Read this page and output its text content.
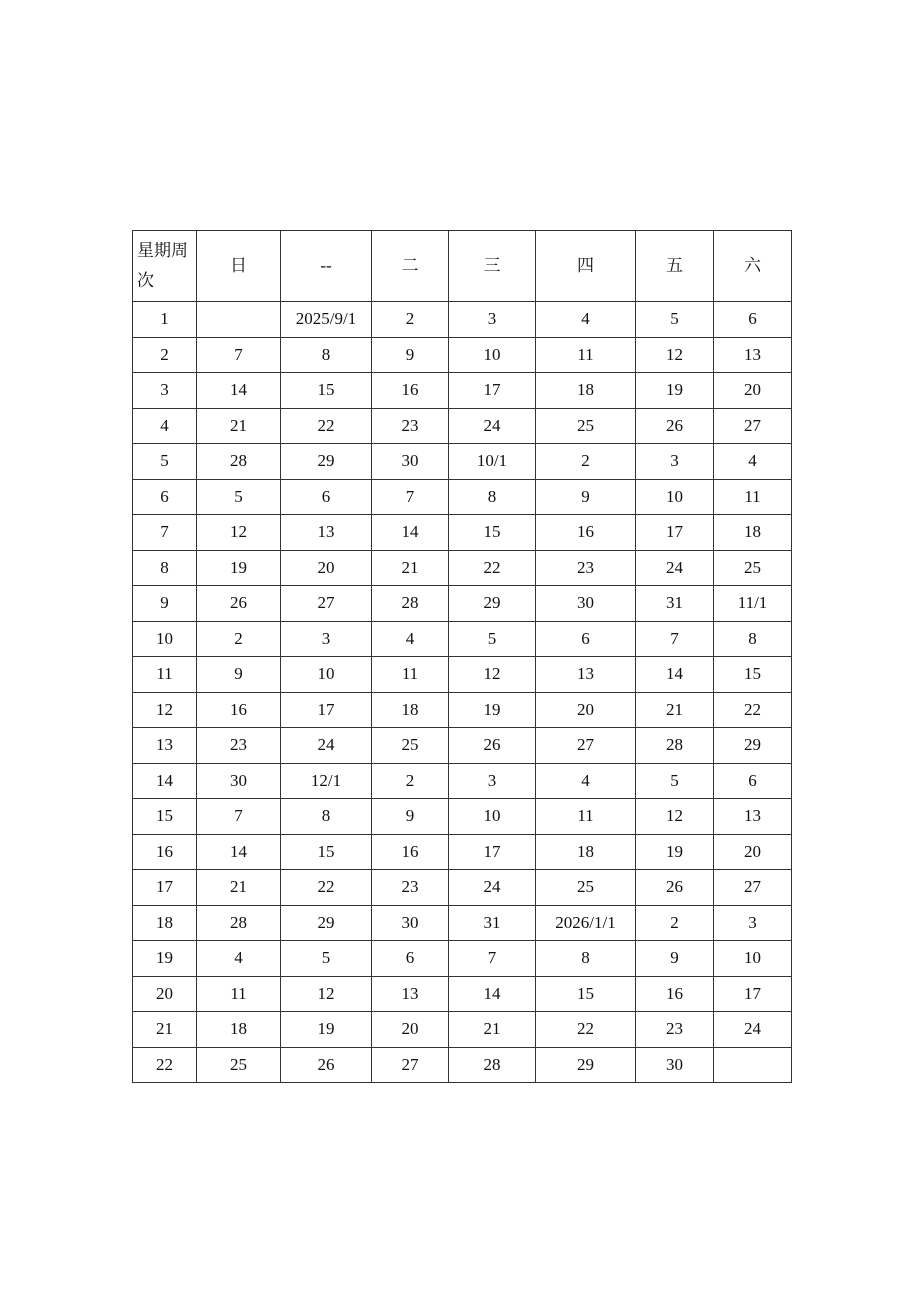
星期周
次	日	--	二	三	四	五	六
1		2025/9/1	2	3	4	5	6
2	7	8	9	10	11	12	13
3	14	15	16	17	18	19	20
4	21	22	23	24	25	26	27
5	28	29	30	10/1	2	3	4
6	5	6	7	8	9	10	11
7	12	13	14	15	16	17	18
8	19	20	21	22	23	24	25
9	26	27	28	29	30	31	11/1
10	2	3	4	5	6	7	8
11	9	10	11	12	13	14	15
12	16	17	18	19	20	21	22
13	23	24	25	26	27	28	29
14	30	12/1	2	3	4	5	6
15	7	8	9	10	11	12	13
16	14	15	16	17	18	19	20
17	21	22	23	24	25	26	27
18	28	29	30	31	2026/1/1	2	3
19	4	5	6	7	8	9	10
20	11	12	13	14	15	16	17
21	18	19	20	21	22	23	24
22	25	26	27	28	29	30	
